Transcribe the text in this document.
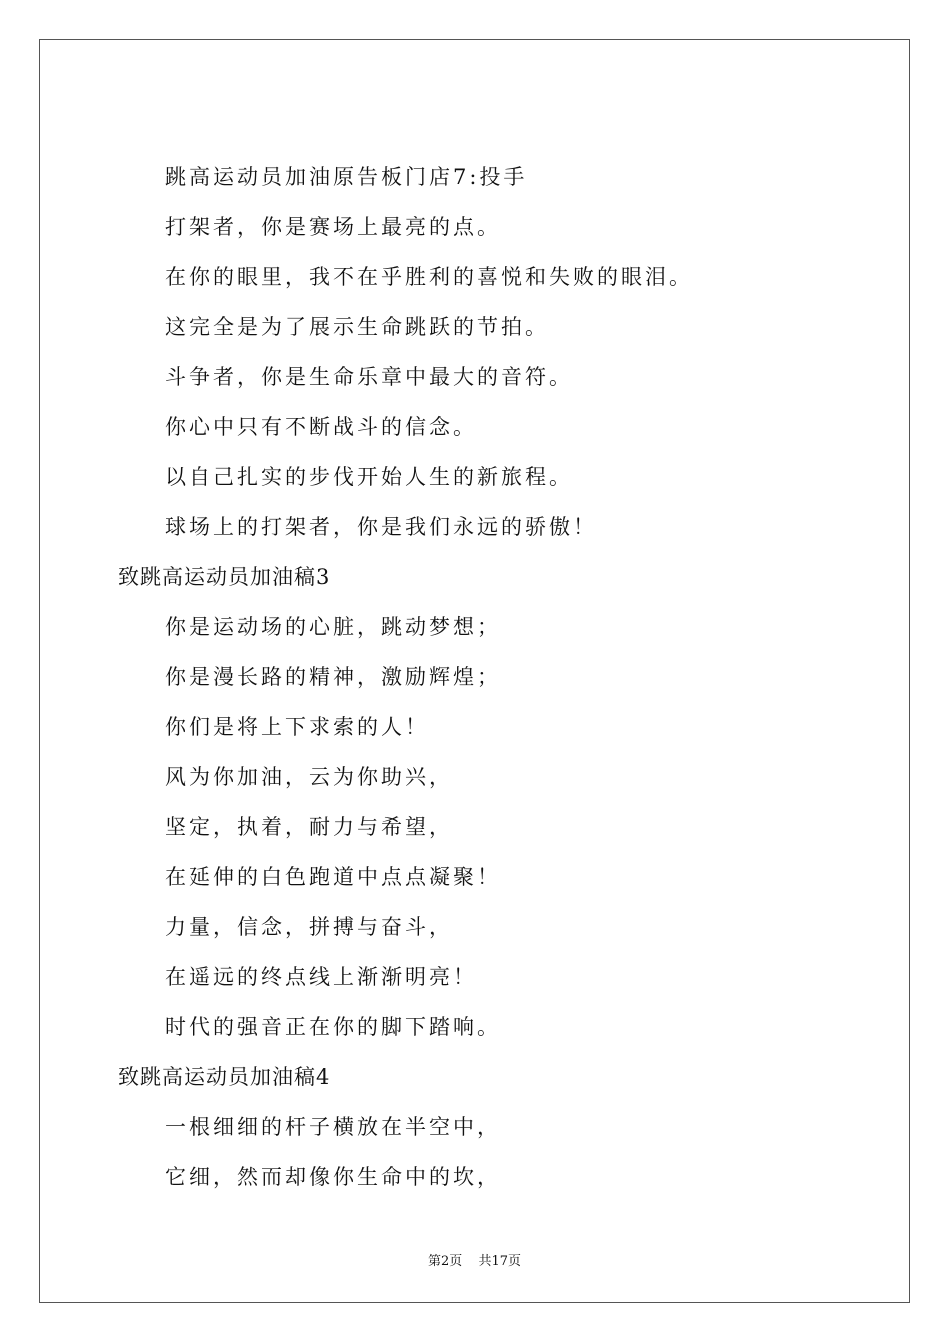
跳高运动员加油原告板门店7:投手
打架者，你是赛场上最亮的点。
在你的眼里，我不在乎胜利的喜悦和失败的眼泪。
这完全是为了展示生命跳跃的节拍。
斗争者，你是生命乐章中最大的音符。
你心中只有不断战斗的信念。
以自己扎实的步伐开始人生的新旅程。
球场上的打架者，你是我们永远的骄傲！
致跳高运动员加油稿3
你是运动场的心脏，跳动梦想；
你是漫长路的精神，激励辉煌；
你们是将上下求索的人！
风为你加油，云为你助兴，
坚定，执着，耐力与希望，
在延伸的白色跑道中点点凝聚！
力量，信念，拼搏与奋斗，
在遥远的终点线上渐渐明亮！
时代的强音正在你的脚下踏响。
致跳高运动员加油稿4
一根细细的杆子横放在半空中，
它细，然而却像你生命中的坎，
第2页 共17页
